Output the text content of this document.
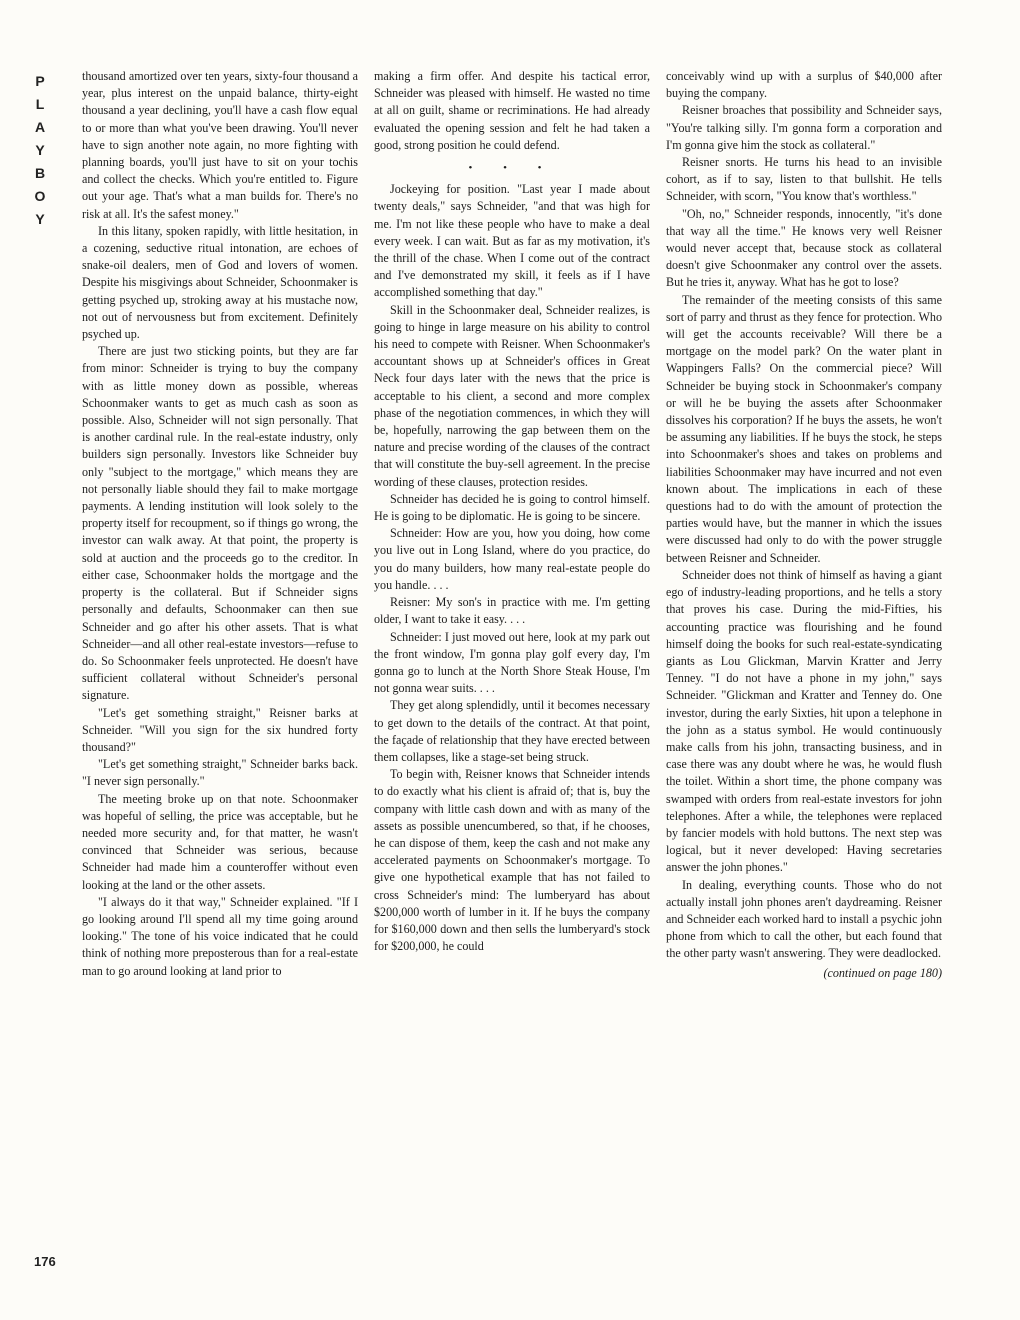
P
L
A
Y
B
O
Y

thousand amortized over ten years, sixty-four thousand a year, plus interest on the unpaid balance, thirty-eight thousand a year declining, you'll have a cash flow equal to or more than what you've been drawing. You'll never have to sign another note again, no more fighting with planning boards, you'll just have to sit on your tochis and collect the checks. Which you're entitled to. Figure out your age. That's what a man builds for. There's no risk at all. It's the safest money."

In this litany, spoken rapidly, with little hesitation, in a cozening, seductive ritual intonation, are echoes of snake-oil dealers, men of God and lovers of women. Despite his misgivings about Schneider, Schoonmaker is getting psyched up, stroking away at his mustache now, not out of nervousness but from excitement. Definitely psyched up.

There are just two sticking points, but they are far from minor: Schneider is trying to buy the company with as little money down as possible, whereas Schoonmaker wants to get as much cash as soon as possible. Also, Schneider will not sign personally. That is another cardinal rule. In the real-estate industry, only builders sign personally. Investors like Schneider buy only "subject to the mortgage," which means they are not personally liable should they fail to make mortgage payments. A lending institution will look solely to the property itself for recoupment, so if things go wrong, the investor can walk away. At that point, the property is sold at auction and the proceeds go to the creditor. In either case, Schoonmaker holds the mortgage and the property is the collateral. But if Schneider signs personally and defaults, Schoonmaker can then sue Schneider and go after his other assets. That is what Schneider—and all other real-estate investors—refuse to do. So Schoonmaker feels unprotected. He doesn't have sufficient collateral without Schneider's personal signature.

"Let's get something straight," Reisner barks at Schneider. "Will you sign for the six hundred forty thousand?"

"Let's get something straight," Schneider barks back. "I never sign personally."

The meeting broke up on that note. Schoonmaker was hopeful of selling, the price was acceptable, but he needed more security and, for that matter, he wasn't convinced that Schneider was serious, because Schneider had made him a counteroffer without even looking at the land or the other assets.

"I always do it that way," Schneider explained. "If I go looking around I'll spend all my time going around looking." The tone of his voice indicated that he could think of nothing more preposterous than for a real-estate man to go around looking at land prior to

making a firm offer. And despite his tactical error, Schneider was pleased with himself. He wasted no time at all on guilt, shame or recriminations. He had already evaluated the opening session and felt he had taken a good, strong position he could defend.

• • •

Jockeying for position. "Last year I made about twenty deals," says Schneider, "and that was high for me. I'm not like these people who have to make a deal every week. I can wait. But as far as my motivation, it's the thrill of the chase. When I come out of the contract and I've demonstrated my skill, it feels as if I have accomplished something that day."

Skill in the Schoonmaker deal, Schneider realizes, is going to hinge in large measure on his ability to control his need to compete with Reisner. When Schoonmaker's accountant shows up at Schneider's offices in Great Neck four days later with the news that the price is acceptable to his client, a second and more complex phase of the negotiation commences, in which they will be, hopefully, narrowing the gap between them on the nature and precise wording of the clauses of the contract that will constitute the buy-sell agreement. In the precise wording of these clauses, protection resides.

Schneider has decided he is going to control himself. He is going to be diplomatic. He is going to be sincere.

Schneider: How are you, how you doing, how come you live out in Long Island, where do you practice, do you do many builders, how many real-estate people do you handle. . . .

Reisner: My son's in practice with me. I'm getting older, I want to take it easy. . . .

Schneider: I just moved out here, look at my park out the front window, I'm gonna play golf every day, I'm gonna go to lunch at the North Shore Steak House, I'm not gonna wear suits. . . .

They get along splendidly, until it becomes necessary to get down to the details of the contract. At that point, the façade of relationship that they have erected between them collapses, like a stage-set being struck.

To begin with, Reisner knows that Schneider intends to do exactly what his client is afraid of; that is, buy the company with little cash down and with as many of the assets as possible unencumbered, so that, if he chooses, he can dispose of them, keep the cash and not make any accelerated payments on Schoonmaker's mortgage. To give one hypothetical example that has not failed to cross Schneider's mind: The lumberyard has about $200,000 worth of lumber in it. If he buys the company for $160,000 down and then sells the lumberyard's stock for $200,000, he could

conceivably wind up with a surplus of $40,000 after buying the company.

Reisner broaches that possibility and Schneider says, "You're talking silly. I'm gonna form a corporation and I'm gonna give him the stock as collateral."

Reisner snorts. He turns his head to an invisible cohort, as if to say, listen to that bullshit. He tells Schneider, with scorn, "You know that's worthless."

"Oh, no," Schneider responds, innocently, "it's done that way all the time." He knows very well Reisner would never accept that, because stock as collateral doesn't give Schoonmaker any control over the assets. But he tries it, anyway. What has he got to lose?

The remainder of the meeting consists of this same sort of parry and thrust as they fence for protection. Who will get the accounts receivable? Will there be a mortgage on the model park? On the water plant in Wappingers Falls? On the commercial piece? Will Schneider be buying stock in Schoonmaker's company or will he be buying the assets after Schoonmaker dissolves his corporation? If he buys the assets, he won't be assuming any liabilities. If he buys the stock, he steps into Schoonmaker's shoes and takes on problems and liabilities Schoonmaker may have incurred and not even known about. The implications in each of these questions had to do with the amount of protection the parties would have, but the manner in which the issues were discussed had only to do with the power struggle between Reisner and Schneider.

Schneider does not think of himself as having a giant ego of industry-leading proportions, and he tells a story that proves his case. During the mid-Fifties, his accounting practice was flourishing and he found himself doing the books for such real-estate-syndicating giants as Lou Glickman, Marvin Kratter and Jerry Tenney. "I do not have a phone in my john," says Schneider. "Glickman and Kratter and Tenney do. One investor, during the early Sixties, hit upon a telephone in the john as a status symbol. He would continuously make calls from his john, transacting business, and in case there was any doubt where he was, he would flush the toilet. Within a short time, the phone company was swamped with orders from real-estate investors for john telephones. After a while, the telephones were replaced by fancier models with hold buttons. The next step was logical, but it never developed: Having secretaries answer the john phones."

In dealing, everything counts. Those who do not actually install john phones aren't daydreaming. Reisner and Schneider each worked hard to install a psychic john phone from which to call the other, but each found that the other party wasn't answering. They were deadlocked.

(continued on page 180)

176
